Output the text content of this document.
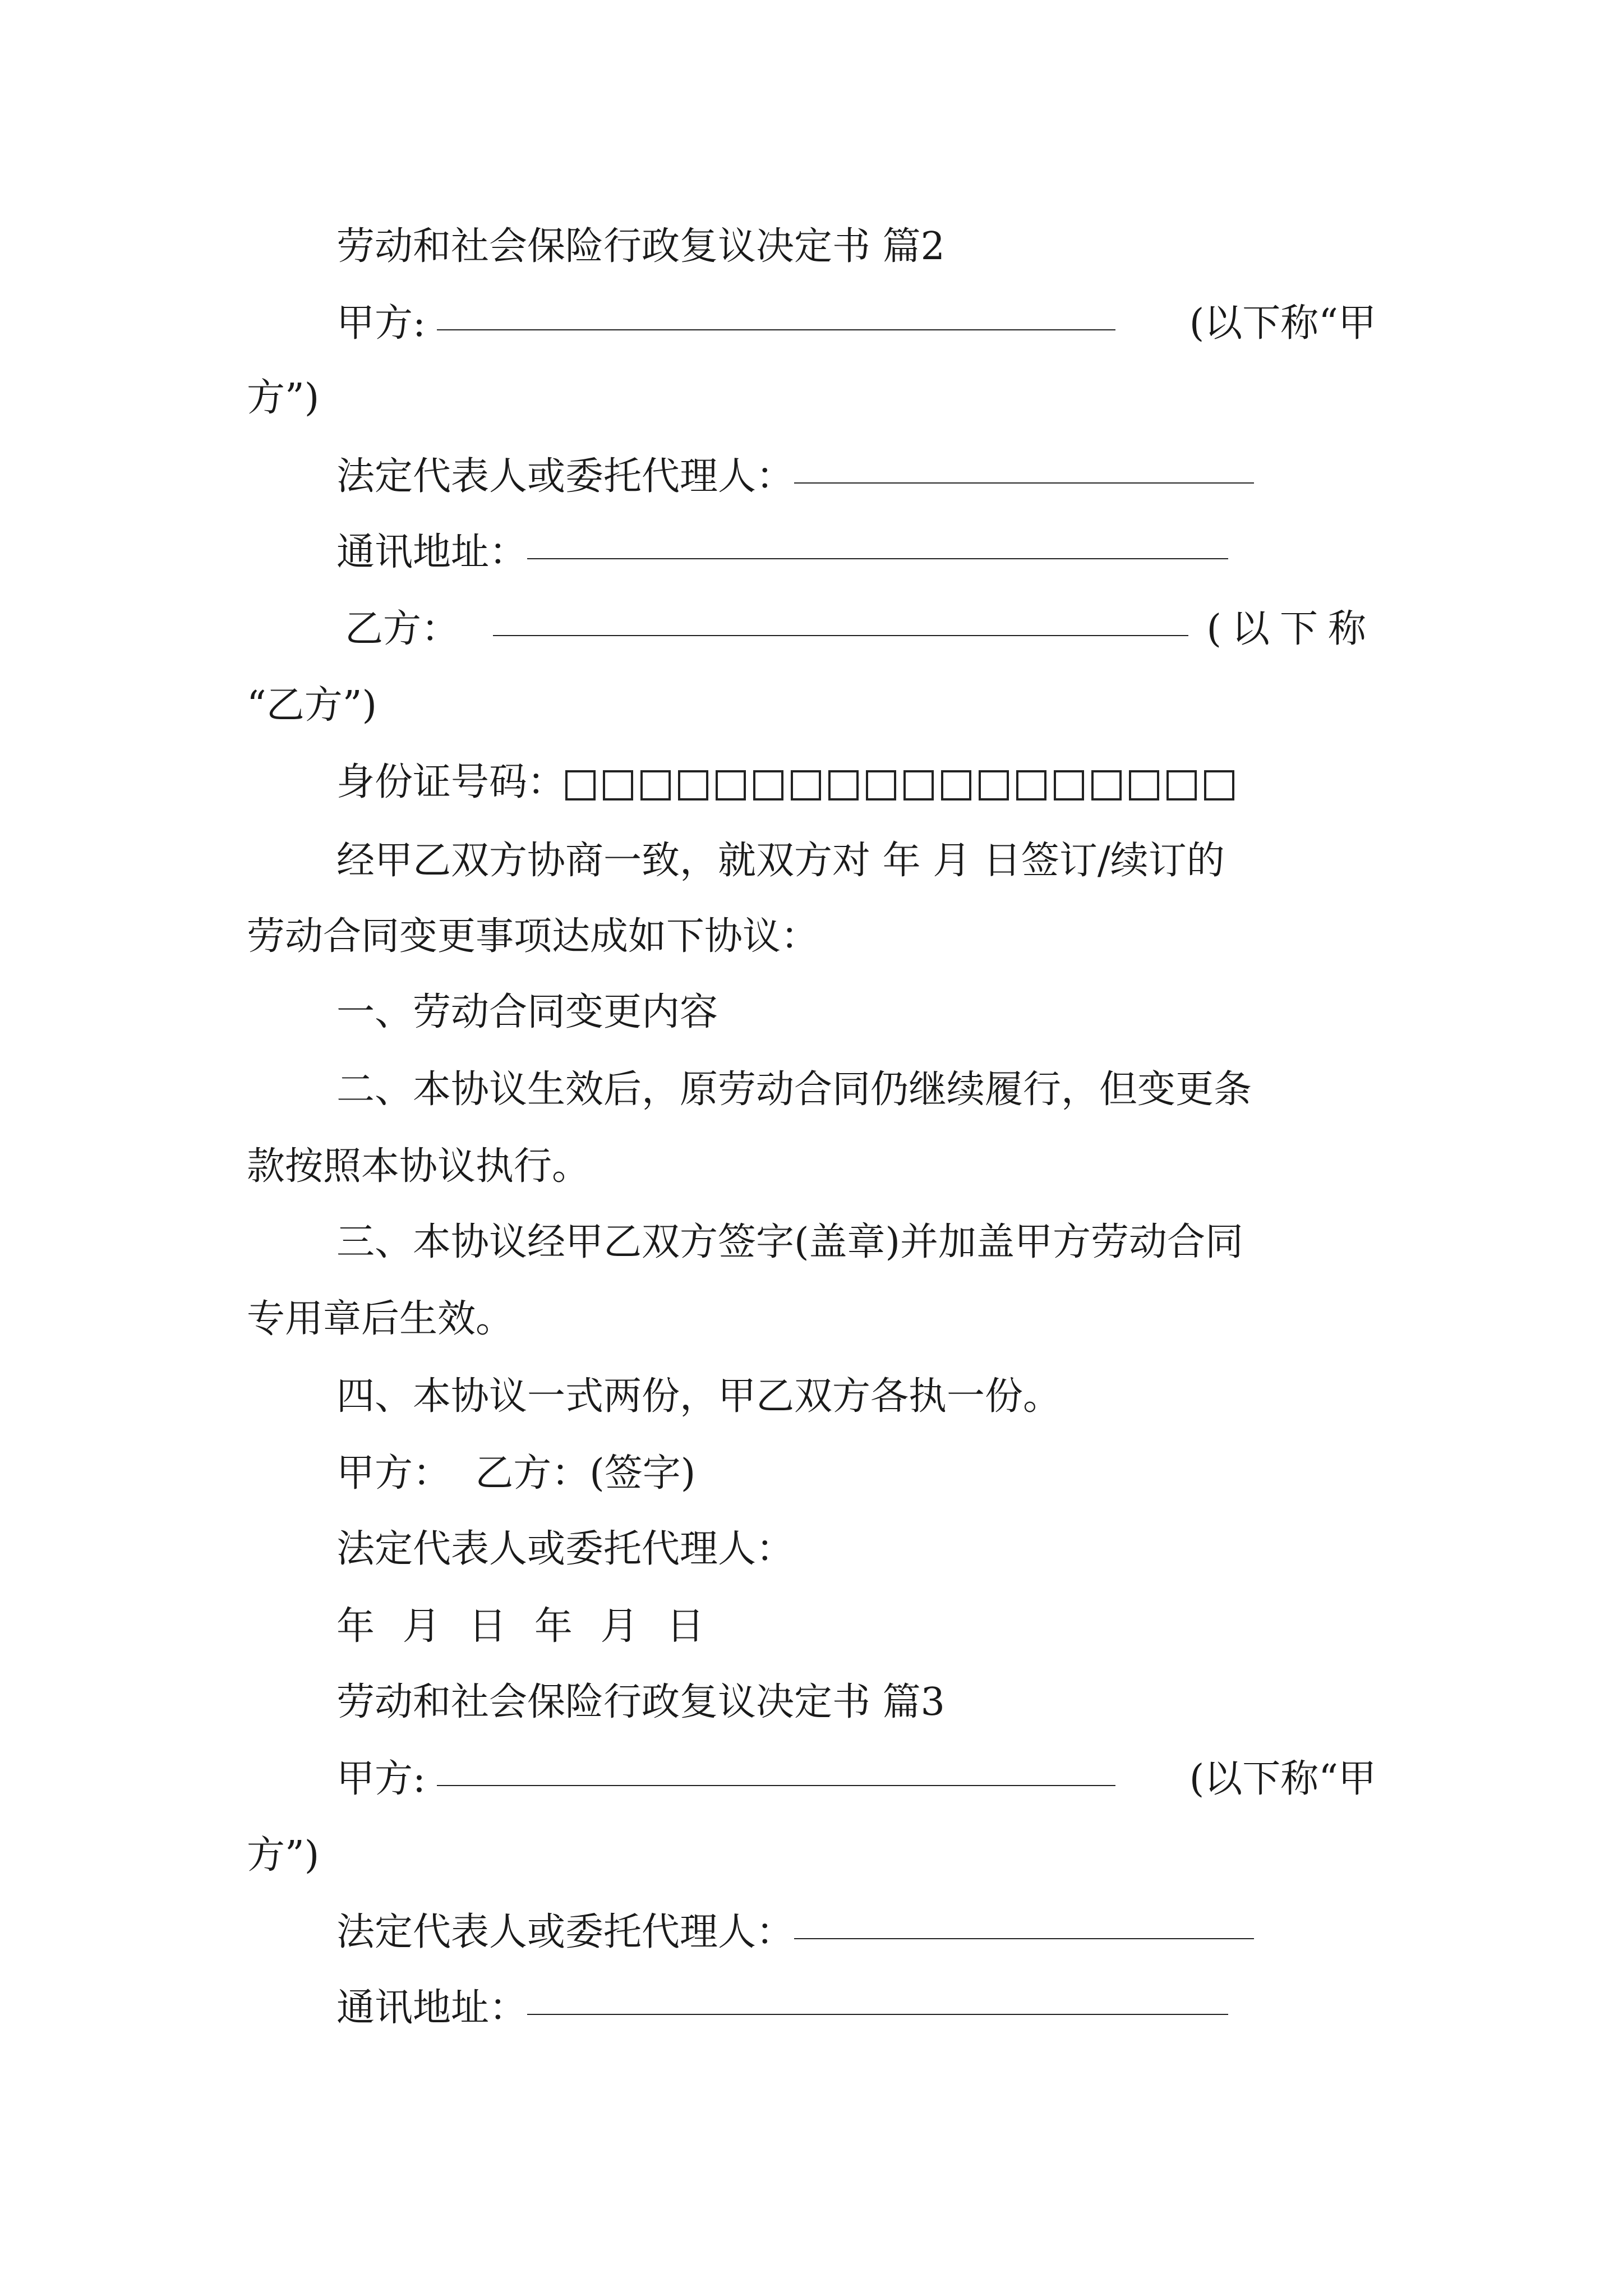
劳动和社会保险行政复议决定书 篇2
甲方:	(以下称“甲
方”)
法定代表人或委托代理人：
通讯地址：
乙方：	(以下称
“乙方”)
身份证号码：
经甲乙双方协商一致，就双方对 年 月 日签订/续订的
劳动合同变更事项达成如下协议：
一、劳动合同变更内容
二、本协议生效后，原劳动合同仍继续履行，但变更条
款按照本协议执行。
三、本协议经甲乙双方签字(盖章)并加盖甲方劳动合同
专用章后生效。
四、本协议一式两份，甲乙双方各执一份。
甲方：  乙方：(签字)
法定代表人或委托代理人：
年 月 日 年 月 日
劳动和社会保险行政复议决定书 篇3
甲方:	(以下称“甲
方”)
法定代表人或委托代理人：
通讯地址：
